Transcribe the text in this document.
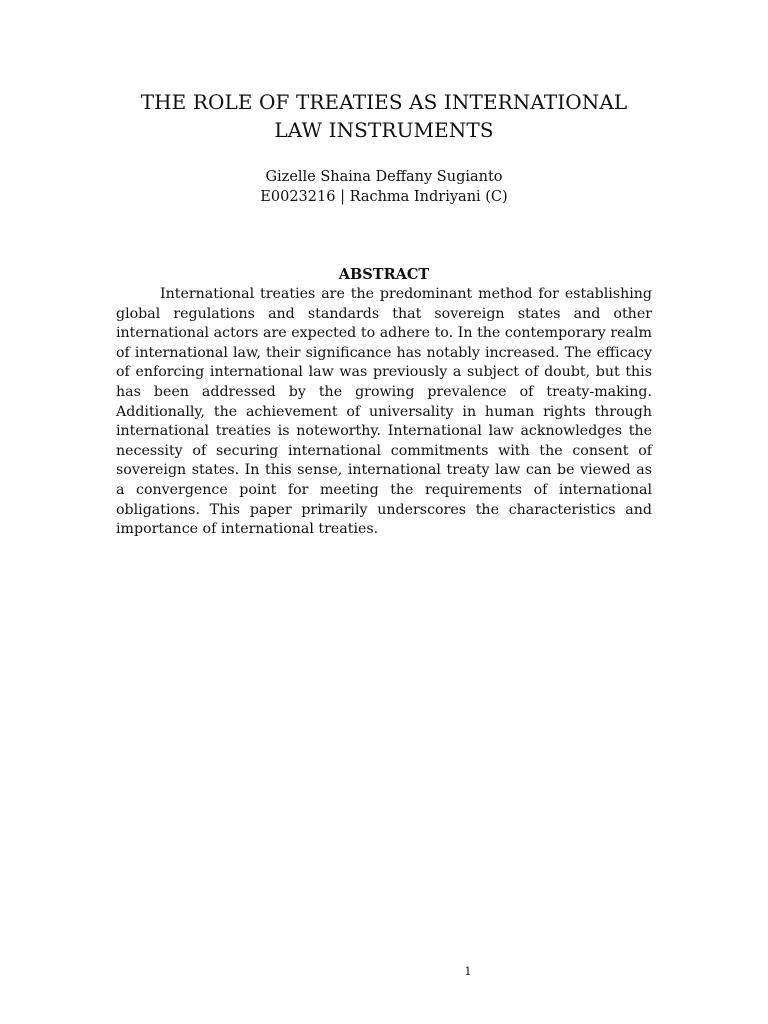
THE ROLE OF TREATIES AS INTERNATIONAL LAW INSTRUMENTS
Gizelle Shaina Deffany Sugianto
E0023216 | Rachma Indriyani (C)
ABSTRACT

International treaties are the predominant method for establishing global regulations and standards that sovereign states and other international actors are expected to adhere to. In the contemporary realm of international law, their significance has notably increased. The efficacy of enforcing international law was previously a subject of doubt, but this has been addressed by the growing prevalence of treaty-making. Additionally, the achievement of universality in human rights through international treaties is noteworthy. International law acknowledges the necessity of securing international commitments with the consent of sovereign states. In this sense, international treaty law can be viewed as a convergence point for meeting the requirements of international obligations. This paper primarily underscores the characteristics and importance of international treaties.

1
